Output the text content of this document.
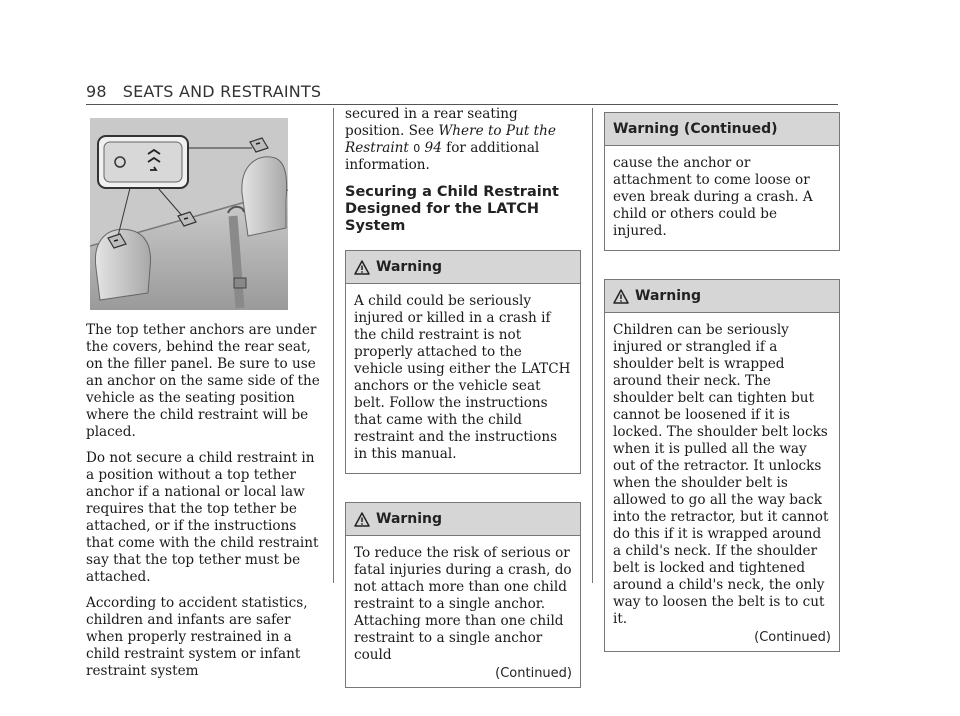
98 SEATS AND RESTRAINTS

The top tether anchors are under the covers, behind the rear seat, on the filler panel. Be sure to use an anchor on the same side of the vehicle as the seating position where the child restraint will be placed.

Do not secure a child restraint in a position without a top tether anchor if a national or local law requires that the top tether be attached, or if the instructions that come with the child restraint say that the top tether must be attached.

According to accident statistics, children and infants are safer when properly restrained in a child restraint system or infant restraint system

secured in a rear seating position. See Where to Put the Restraint 0 94 for additional information.

Securing a Child Restraint Designed for the LATCH System
Warning

A child could be seriously injured or killed in a crash if the child restraint is not properly attached to the vehicle using either the LATCH anchors or the vehicle seat belt. Follow the instructions that came with the child restraint and the instructions in this manual.

Warning

To reduce the risk of serious or fatal injuries during a crash, do not attach more than one child restraint to a single anchor. Attaching more than one child restraint to a single anchor could

(Continued)
Warning (Continued)

cause the anchor or attachment to come loose or even break during a crash. A child or others could be injured.

Warning

Children can be seriously injured or strangled if a shoulder belt is wrapped around their neck. The shoulder belt can tighten but cannot be loosened if it is locked. The shoulder belt locks when it is pulled all the way out of the retractor. It unlocks when the shoulder belt is allowed to go all the way back into the retractor, but it cannot do this if it is wrapped around a child's neck. If the shoulder belt is locked and tightened around a child's neck, the only way to loosen the belt is to cut it.

(Continued)
